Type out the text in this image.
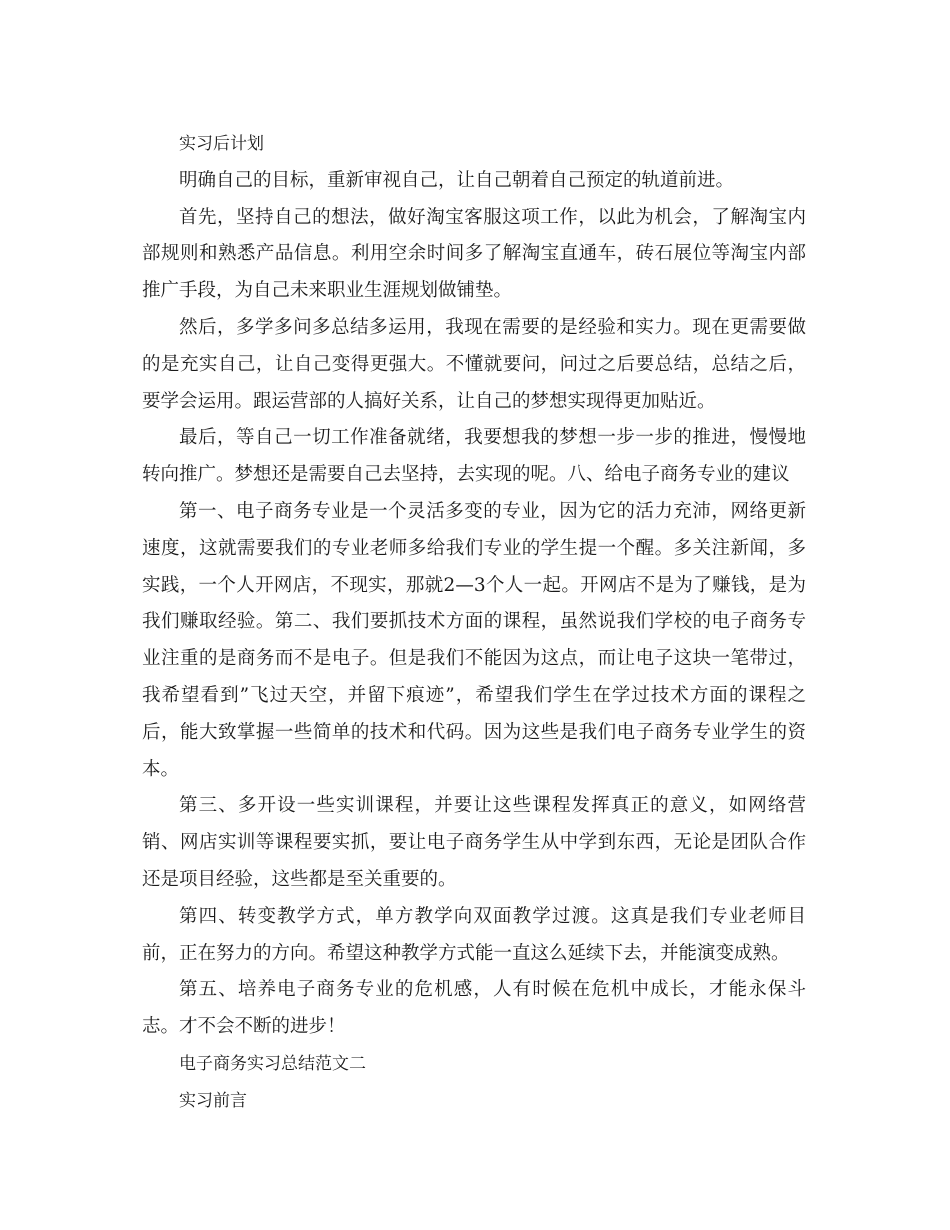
实习后计划

明确自己的目标，重新审视自己，让自己朝着自己预定的轨道前进。

首先，坚持自己的想法，做好淘宝客服这项工作，以此为机会，了解淘宝内部规则和熟悉产品信息。利用空余时间多了解淘宝直通车，砖石展位等淘宝内部推广手段，为自己未来职业生涯规划做铺垫。

然后，多学多问多总结多运用，我现在需要的是经验和实力。现在更需要做的是充实自己，让自己变得更强大。不懂就要问，问过之后要总结，总结之后，要学会运用。跟运营部的人搞好关系，让自己的梦想实现得更加贴近。

最后，等自己一切工作准备就绪，我要想我的梦想一步一步的推进，慢慢地转向推广。梦想还是需要自己去坚持，去实现的呢。八、给电子商务专业的建议

第一、电子商务专业是一个灵活多变的专业，因为它的活力充沛，网络更新速度，这就需要我们的专业老师多给我们专业的学生提一个醒。多关注新闻，多实践，一个人开网店，不现实，那就2—3个人一起。开网店不是为了赚钱，是为我们赚取经验。第二、我们要抓技术方面的课程，虽然说我们学校的电子商务专业注重的是商务而不是电子。但是我们不能因为这点，而让电子这块一笔带过，我希望看到”飞过天空，并留下痕迹”，希望我们学生在学过技术方面的课程之后，能大致掌握一些简单的技术和代码。因为这些是我们电子商务专业学生的资本。

第三、多开设一些实训课程，并要让这些课程发挥真正的意义，如网络营销、网店实训等课程要实抓，要让电子商务学生从中学到东西，无论是团队合作还是项目经验，这些都是至关重要的。

第四、转变教学方式，单方教学向双面教学过渡。这真是我们专业老师目前，正在努力的方向。希望这种教学方式能一直这么延续下去，并能演变成熟。

第五、培养电子商务专业的危机感，人有时候在危机中成长，才能永保斗志。才不会不断的进步！

电子商务实习总结范文二

实习前言
